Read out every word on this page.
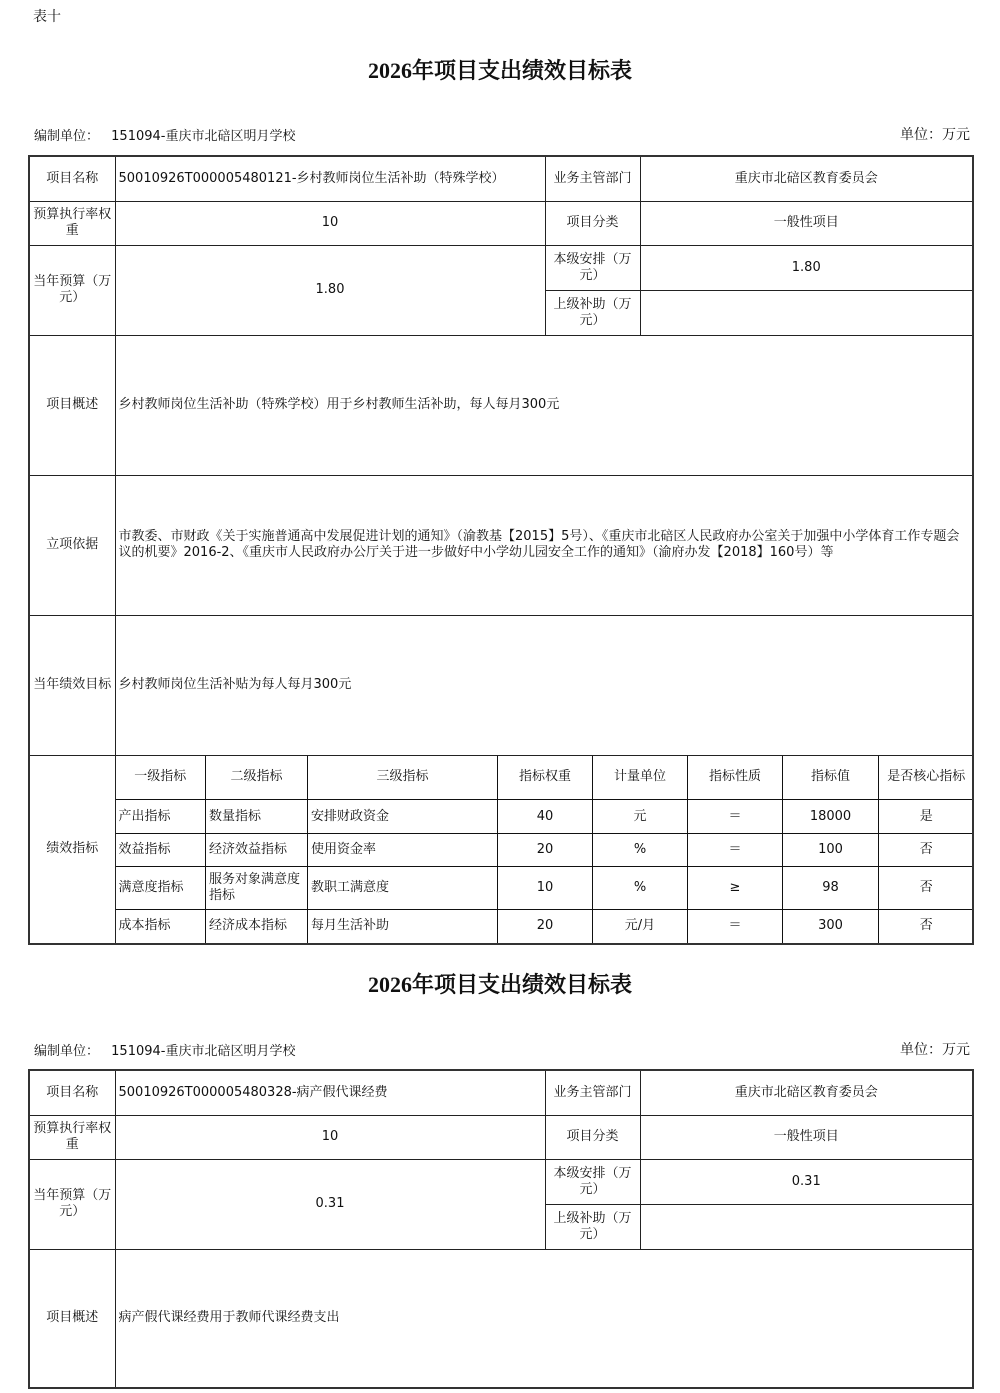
表十
2026年项目支出绩效目标表
编制单位： 151094-重庆市北碚区明月学校	单位：万元
项目名称	50010926T000005480121-乡村教师岗位生活补助（特殊学校）	业务主管部门	重庆市北碚区教育委员会
预算执行率权重	10	项目分类	一般性项目
当年预算（万元）	1.80	本级安排（万元）	1.80
上级补助（万元）	
项目概述	乡村教师岗位生活补助（特殊学校）用于乡村教师生活补助，每人每月300元
立项依据	市教委、市财政《关于实施普通高中发展促进计划的通知》（渝教基【2015】5号）、《重庆市北碚区人民政府办公室关于加强中小学体育工作专题会议的机要》2016-2、《重庆市人民政府办公厅关于进一步做好中小学幼儿园安全工作的通知》（渝府办发【2018】160号）等
当年绩效目标	乡村教师岗位生活补贴为每人每月300元
绩效指标	
一级指标	二级指标	三级指标	指标权重	计量单位	指标性质	指标值	是否核心指标
产出指标	数量指标	安排财政资金	40	元	＝	18000	是
效益指标	经济效益指标	使用资金率	20	%	＝	100	否
满意度指标	服务对象满意度指标	教职工满意度	10	%	≥	98	否
成本指标	经济成本指标	每月生活补助	20	元/月	＝	300	否
2026年项目支出绩效目标表
编制单位： 151094-重庆市北碚区明月学校	单位：万元
项目名称	50010926T000005480328-病产假代课经费	业务主管部门	重庆市北碚区教育委员会
预算执行率权重	10	项目分类	一般性项目
当年预算（万元）	0.31	本级安排（万元）	0.31
		上级补助（万元）	
项目概述	病产假代课经费用于教师代课经费支出		
